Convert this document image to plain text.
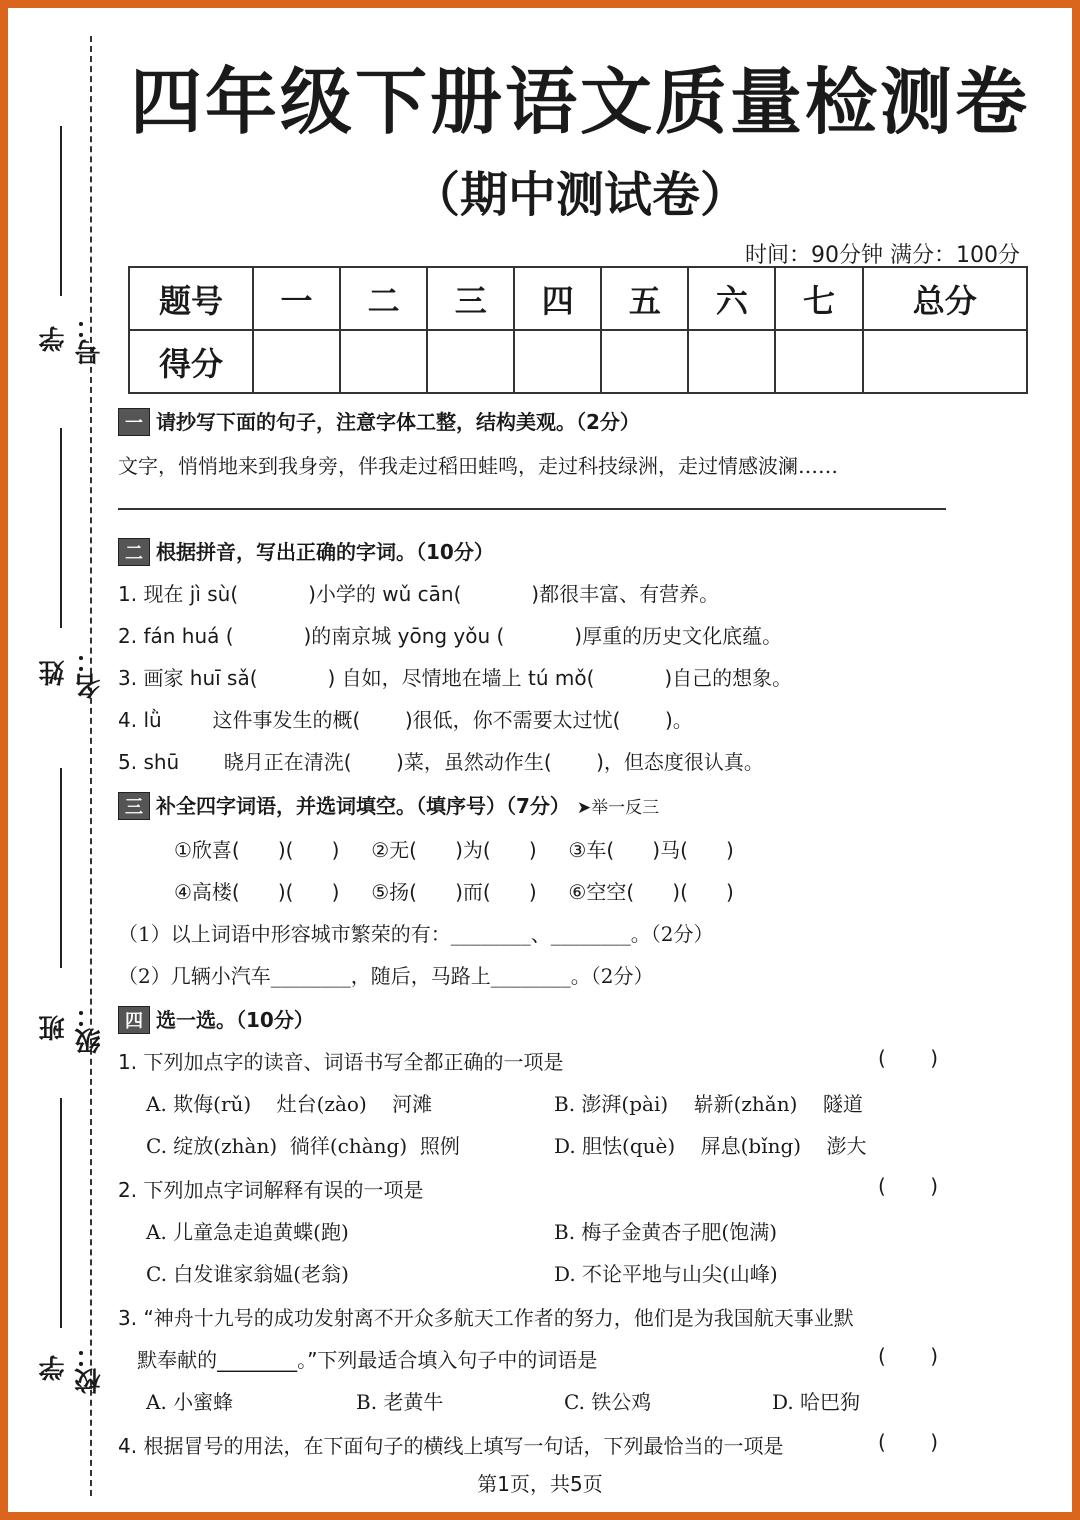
学号：
姓名：
班级：
学校：
四年级下册语文质量检测卷
（期中测试卷）
时间：90分钟 满分：100分
题号	一	二	三	四	五	六	七	总分
得分								
一 请抄写下面的句子，注意字体工整，结构美观。（2分）
文字，悄悄地来到我身旁，伴我走过稻田蛙鸣，走过科技绿洲，走过情感波澜……
二 根据拼音，写出正确的字词。（10分）
1. 现在 jì sù(           )小学的 wǔ cān(           )都很丰富、有营养。
2. fán huá (           )的南京城 yōng yǒu (           )厚重的历史文化底蕴。
3. 画家 huī sǎ(           ) 自如，尽情地在墙上 tú mǒ(           )自己的想象。
4. lǜ        这件事发生的概(       )很低，你不需要太过忧(       )。
5. shū       晓月正在清洗(       )菜，虽然动作生(       )，但态度很认真。
三 补全四字词语，并选词填空。（填序号）（7分） ➤举一反三
①欣喜(      )(      )     ②无(      )为(      )     ③车(      )马(      )
④高楼(      )(      )     ⑤扬(      )而(      )     ⑥空空(      )(      )
（1）以上词语中形容城市繁荣的有：________、________。（2分）
（2）几辆小汽车________，随后，马路上________。（2分）
四 选一选。（10分）
1. 下列加点字的读音、词语书写全都正确的一项是	(       )
A. 欺侮(rǔ)    灶台(zào)    河滩	B. 澎湃(pài)    崭新(zhǎn)    隧道
C. 绽放(zhàn)  徜徉(chàng)  照例	D. 胆怯(què)    屏息(bǐng)    澎大
2. 下列加点字词解释有误的一项是	(       )
A. 儿童急走追黄蝶(跑)	B. 梅子金黄杏子肥(饱满)
C. 白发谁家翁媪(老翁)	D. 不论平地与山尖(山峰)
3. “神舟十九号的成功发射离不开众多航天工作者的努力，他们是为我国航天事业默
默奉献的________。”下列最适合填入句子中的词语是	(       )
A. 小蜜蜂	B. 老黄牛	C. 铁公鸡	D. 哈巴狗
4. 根据冒号的用法，在下面句子的横线上填写一句话，下列最恰当的一项是	(       )
第1页，共5页
